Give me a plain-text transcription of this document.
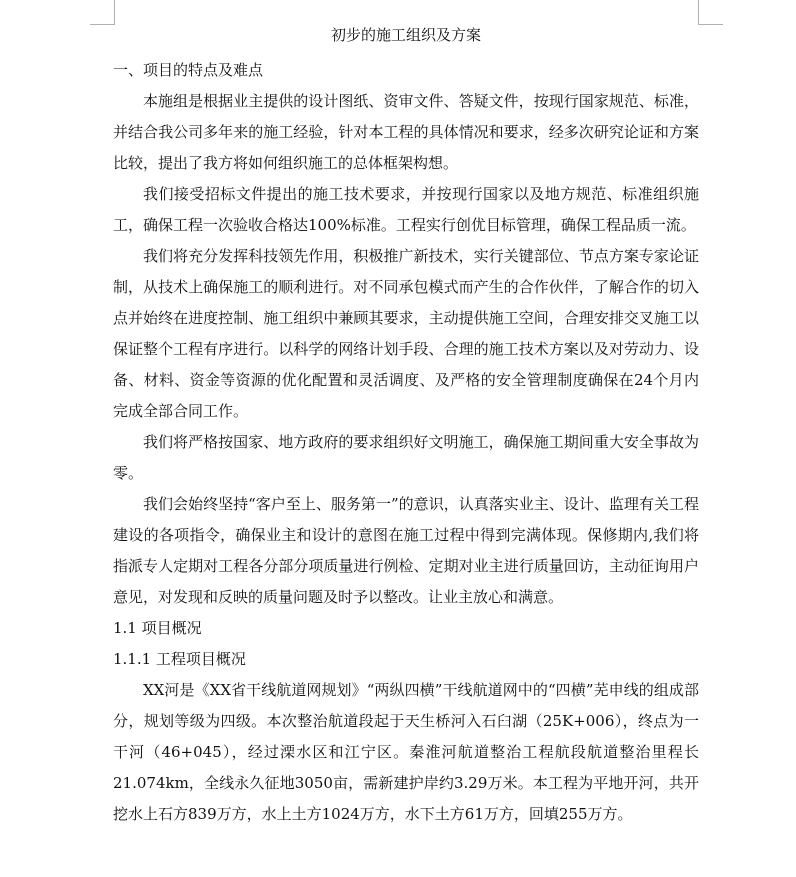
初步的施工组织及方案
一、项目的特点及难点

本施组是根据业主提供的设计图纸、资审文件、答疑文件，按现行国家规范、标准，并结合我公司多年来的施工经验，针对本工程的具体情况和要求，经多次研究论证和方案比较，提出了我方将如何组织施工的总体框架构想。

我们接受招标文件提出的施工技术要求，并按现行国家以及地方规范、标准组织施工，确保工程一次验收合格达100%标准。工程实行创优目标管理，确保工程品质一流。

我们将充分发挥科技领先作用，积极推广新技术，实行关键部位、节点方案专家论证制，从技术上确保施工的顺利进行。对不同承包模式而产生的合作伙伴，了解合作的切入点并始终在进度控制、施工组织中兼顾其要求，主动提供施工空间，合理安排交叉施工以保证整个工程有序进行。以科学的网络计划手段、合理的施工技术方案以及对劳动力、设备、材料、资金等资源的优化配置和灵活调度、及严格的安全管理制度确保在24个月内完成全部合同工作。

我们将严格按国家、地方政府的要求组织好文明施工，确保施工期间重大安全事故为零。

我们会始终坚持“客户至上、服务第一”的意识，认真落实业主、设计、监理有关工程建设的各项指令，确保业主和设计的意图在施工过程中得到完满体现。保修期内,我们将指派专人定期对工程各分部分项质量进行例检、定期对业主进行质量回访，主动征询用户意见，对发现和反映的质量问题及时予以整改。让业主放心和满意。

1.1 项目概况
1.1.1 工程项目概况

XX河是《XX省干线航道网规划》“两纵四横”干线航道网中的“四横”芜申线的组成部分，规划等级为四级。本次整治航道段起于天生桥河入石臼湖（25K+006），终点为一干河（46+045），经过溧水区和江宁区。秦淮河航道整治工程航段航道整治里程长21.074km，全线永久征地3050亩，需新建护岸约3.29万米。本工程为平地开河，共开挖水上石方839万方，水上土方1024万方，水下土方61万方，回填255万方。
